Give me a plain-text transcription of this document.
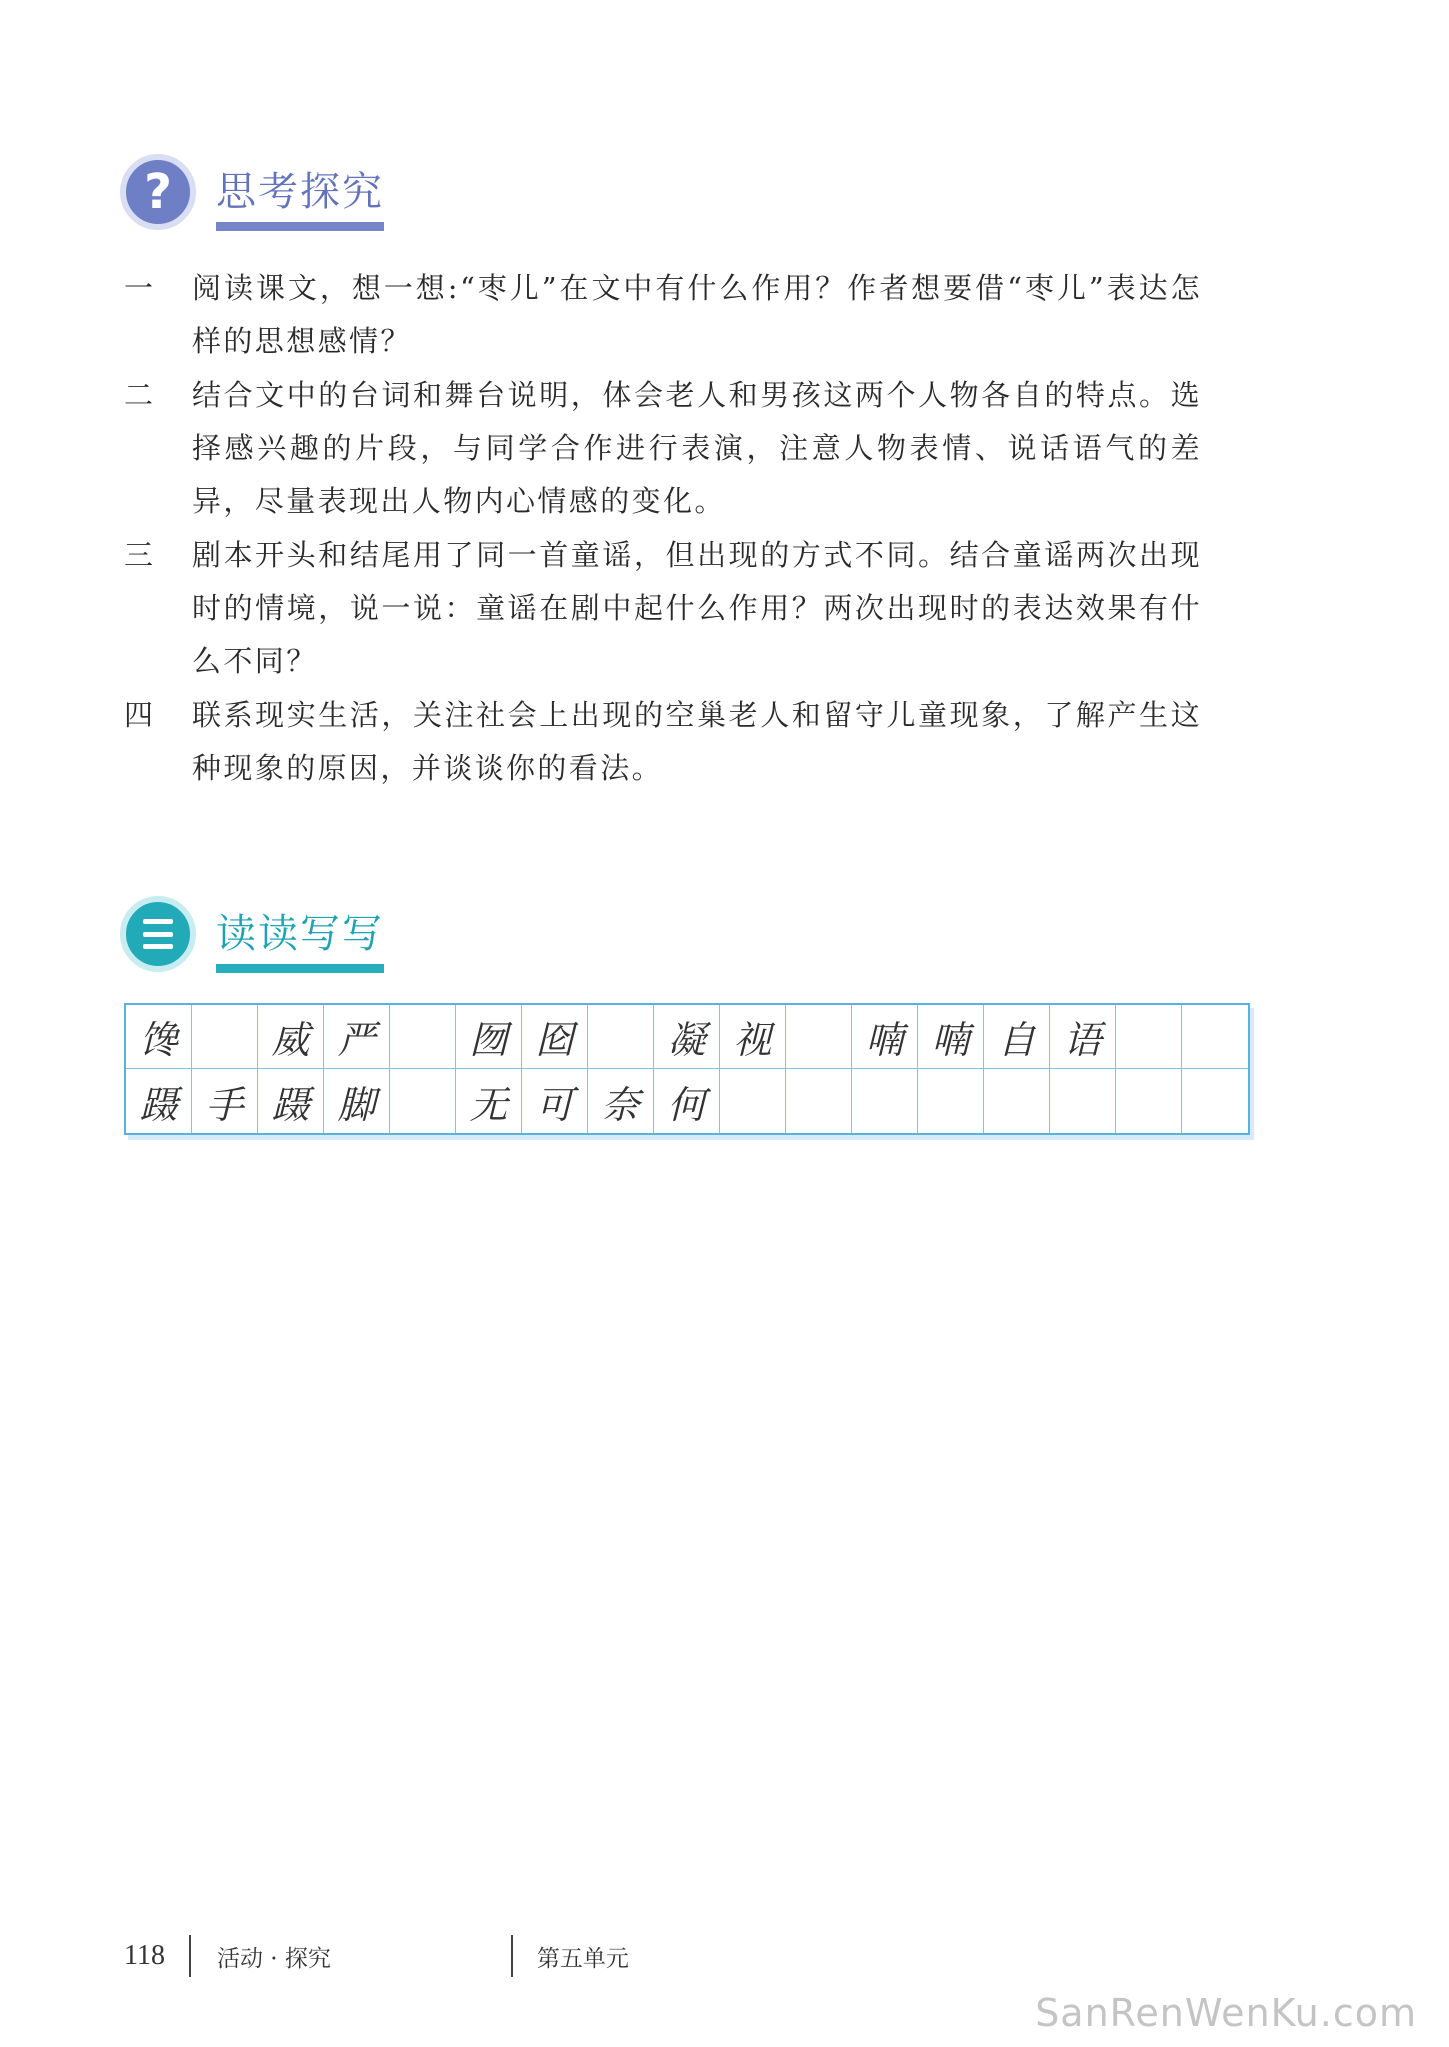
? 思考探究
一	阅读课文，想一想:“枣儿”在文中有什么作用？作者想要借“枣儿”表达怎样的思想感情？
二	结合文中的台词和舞台说明，体会老人和男孩这两个人物各自的特点。选择感兴趣的片段，与同学合作进行表演，注意人物表情、说话语气的差异，尽量表现出人物内心情感的变化。
三	剧本开头和结尾用了同一首童谣，但出现的方式不同。结合童谣两次出现时的情境，说一说：童谣在剧中起什么作用？两次出现时的表达效果有什么不同？
四	联系现实生活，关注社会上出现的空巢老人和留守儿童现象，了解产生这种现象的原因，并谈谈你的看法。
读读写写
馋	威 严	囫 囵	凝 视	喃 喃 自 语
蹑 手 蹑 脚	无 可 奈 何
118 活动 · 探究	第五单元
SanRenWenKu.com
